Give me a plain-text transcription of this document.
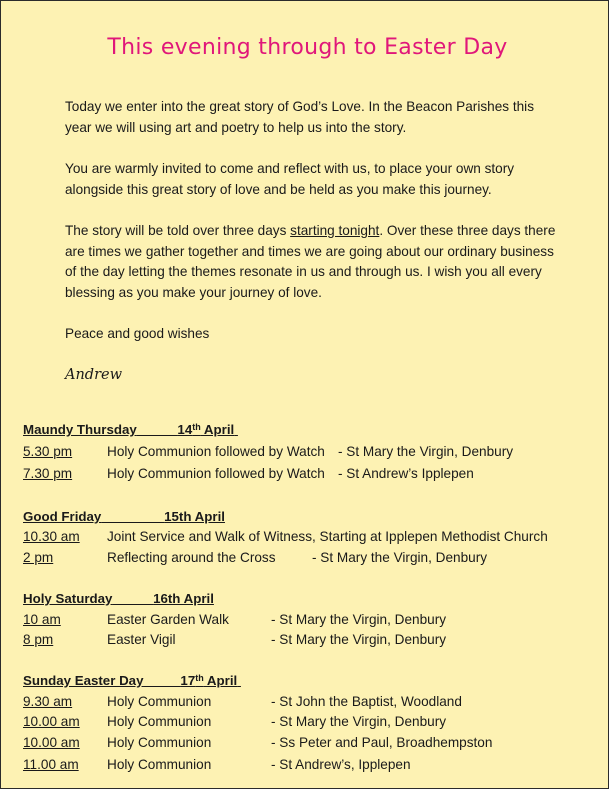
This evening through to Easter Day

Today we enter into the great story of God’s Love. In the Beacon Parishes this year we will using art and poetry to help us into the story.

You are warmly invited to come and reflect with us, to place your own story alongside this great story of love and be held as you make this journey.

The story will be told over three days starting tonight. Over these three days there are times we gather together and times we are going about our ordinary business of the day letting the themes resonate in us and through us. I wish you all every blessing as you make your journey of love.

Peace and good wishes

Andrew
Maundy Thursday	14th April
5.30 pm	Holy Communion followed by Watch - St Mary the Virgin, Denbury
7.30 pm	Holy Communion followed by Watch - St Andrew’s Ipplepen
Good Friday	15th April
10.30 am Joint Service and Walk of Witness, Starting at Ipplepen Methodist Church
2 pm	Reflecting around the Cross	- St Mary the Virgin, Denbury
Holy Saturday	16th April
10 am	Easter Garden Walk	- St Mary the Virgin, Denbury
8 pm	Easter Vigil	- St Mary the Virgin, Denbury
Sunday Easter Day	17th April
9.30 am	Holy Communion	- St John the Baptist, Woodland
10.00 am Holy Communion	- St Mary the Virgin, Denbury
10.00 am Holy Communion	- Ss Peter and Paul, Broadhempston
11.00 am Holy Communion	- St Andrew’s, Ipplepen
